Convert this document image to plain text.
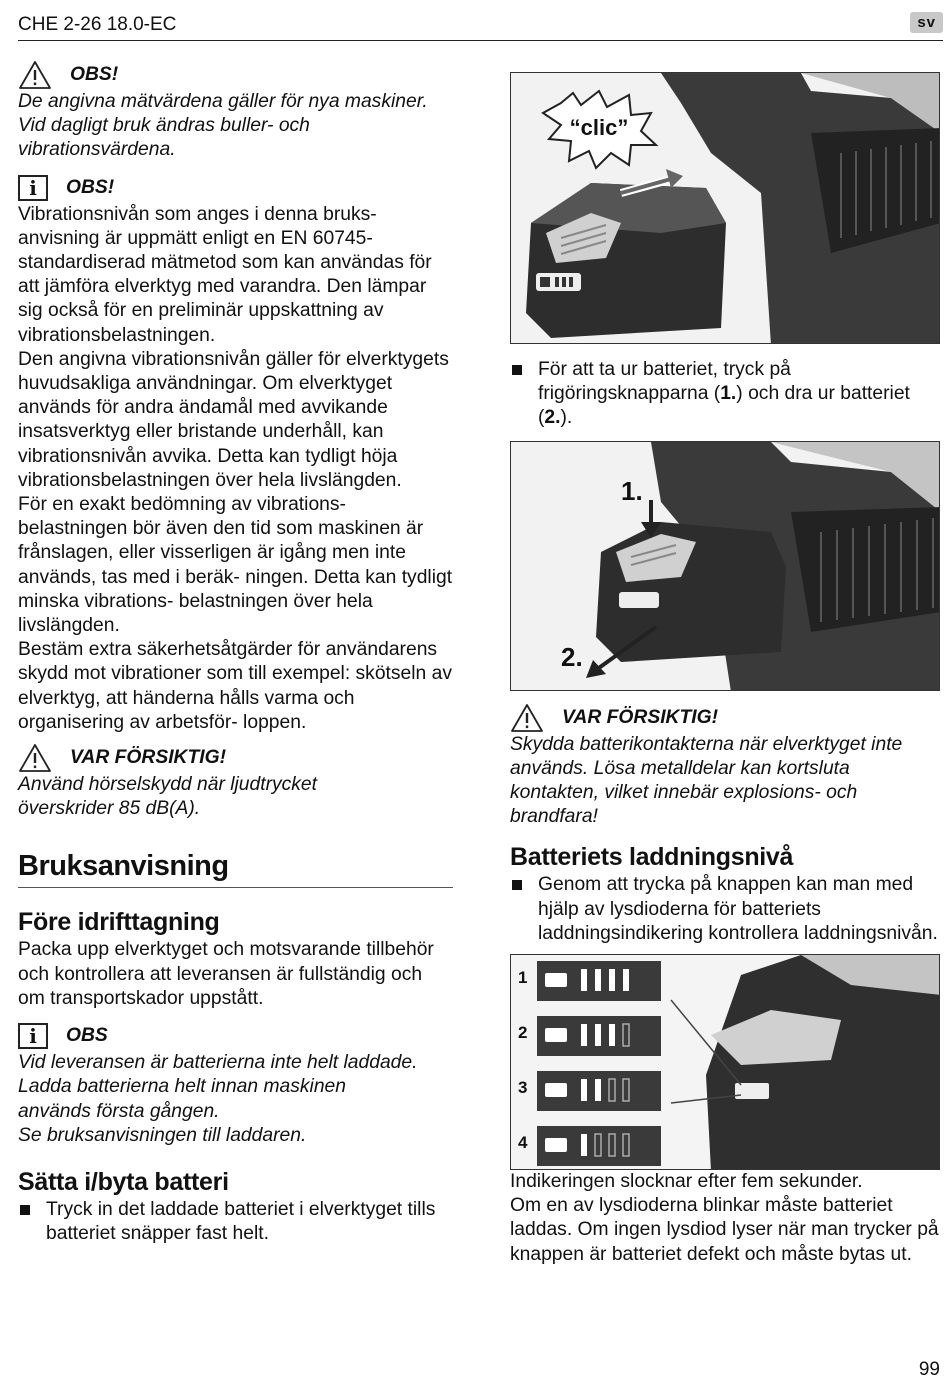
CHE 2-26 18.0-EC	sv
OBS!

De angivna mätvärdena gäller för nya maskiner. Vid dagligt bruk ändras buller- och vibrationsvärdena.

i	OBS!

Vibrationsnivån som anges i denna bruks- anvisning är uppmätt enligt en EN 60745- standardiserad mätmetod som kan användas för att jämföra elverktyg med varandra. Den lämpar sig också för en preliminär uppskattning av vibrationsbelastningen.

Den angivna vibrationsnivån gäller för elverktygets huvudsakliga användningar. Om elverktyget används för andra ändamål med avvikande insatsverktyg eller bristande underhåll, kan vibrationsnivån avvika. Detta kan tydligt höja vibrationsbelastningen över hela livslängden.

För en exakt bedömning av vibrations- belastningen bör även den tid som maskinen är frånslagen, eller visserligen är igång men inte används, tas med i beräk- ningen. Detta kan tydligt minska vibrations- belastningen över hela livslängden.

Bestäm extra säkerhetsåtgärder för användarens skydd mot vibrationer som till exempel: skötseln av elverktyg, att händerna hålls varma och organisering av arbetsför- loppen.

VAR FÖRSIKTIG!

Använd hörselskydd när ljudtrycket överskrider 85 dB(A).

Bruksanvisning
Före idrifttagning

Packa upp elverktyget och motsvarande tillbehör och kontrollera att leveransen är fullständig och om transportskador uppstått.

i	OBS

Vid leveransen är batterierna inte helt laddade. Ladda batterierna helt innan maskinen används första gången.

Se bruksanvisningen till laddaren.

Sätta i/byta batteri
Tryck in det laddade batteriet i elverktyget tills batteriet snäpper fast helt.
“clic”
För att ta ur batteriet, tryck på frigöringsknapparna (1.) och dra ur batteriet (2.).
1.
2.
VAR FÖRSIKTIG!

Skydda batterikontakterna när elverktyget inte används. Lösa metalldelar kan kortsluta kontakten, vilket innebär explosions- och brandfara!

Batteriets laddningsnivå
Genom att trycka på knappen kan man med hjälp av lysdioderna för batteriets laddningsindikering kontrollera laddningsnivån.
1
2
3
4

Indikeringen slocknar efter fem sekunder.

Om en av lysdioderna blinkar måste batteriet laddas. Om ingen lysdiod lyser när man trycker på knappen är batteriet defekt och måste bytas ut.

99
